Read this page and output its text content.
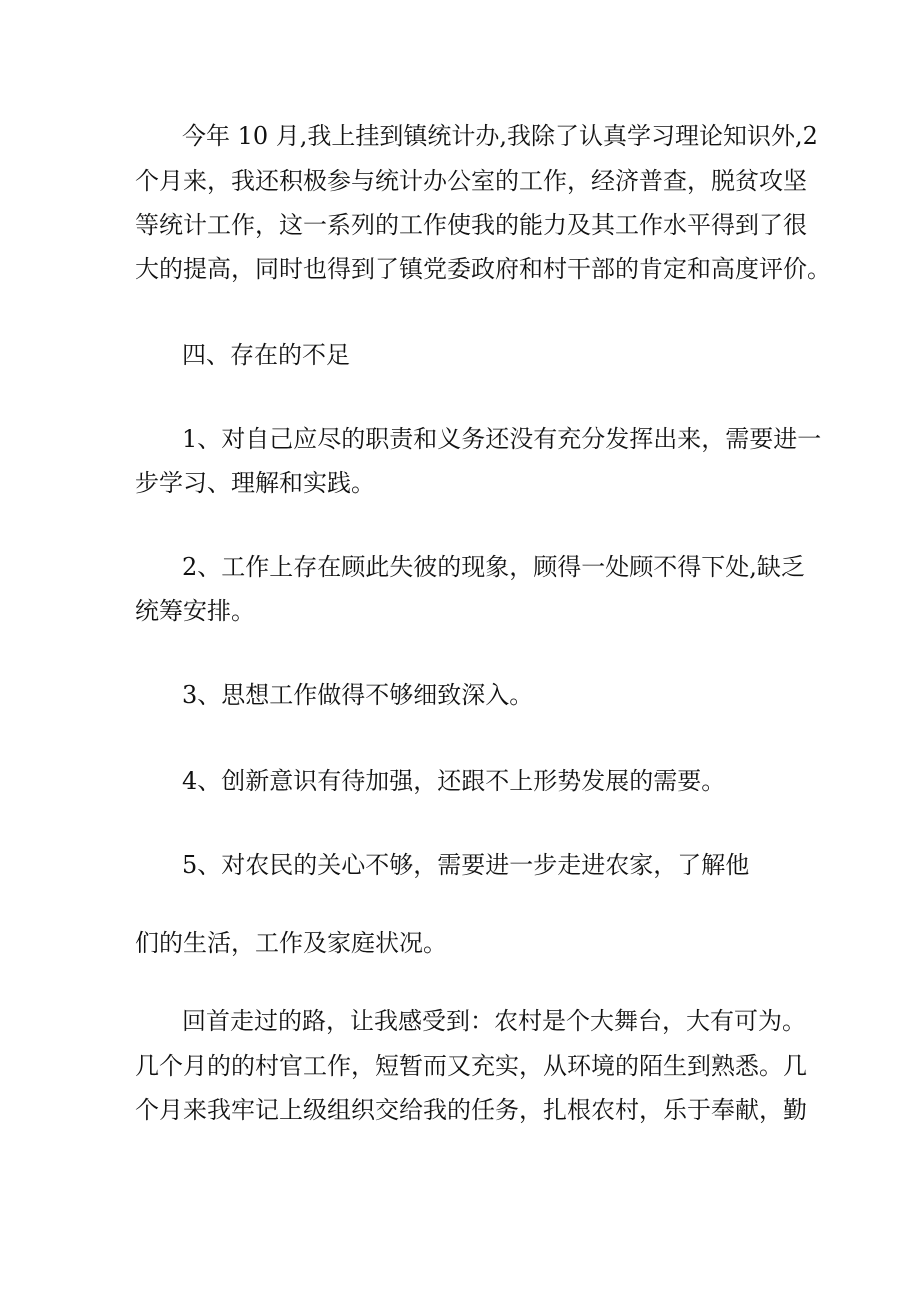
今年 10 月,我上挂到镇统计办,我除了认真学习理论知识外,2

个月来，我还积极参与统计办公室的工作，经济普查，脱贫攻坚

等统计工作，这一系列的工作使我的能力及其工作水平得到了很

大的提高，同时也得到了镇党委政府和村干部的肯定和高度评价。

四、存在的不足

1、对自己应尽的职责和义务还没有充分发挥出来，需要进一

步学习、理解和实践。

2、工作上存在顾此失彼的现象，顾得一处顾不得下处,缺乏

统筹安排。

3、思想工作做得不够细致深入。

4、创新意识有待加强，还跟不上形势发展的需要。

5、对农民的关心不够，需要进一步走进农家，了解他

们的生活，工作及家庭状况。

回首走过的路，让我感受到：农村是个大舞台，大有可为。

几个月的的村官工作，短暂而又充实，从环境的陌生到熟悉。几

个月来我牢记上级组织交给我的任务，扎根农村，乐于奉献，勤
